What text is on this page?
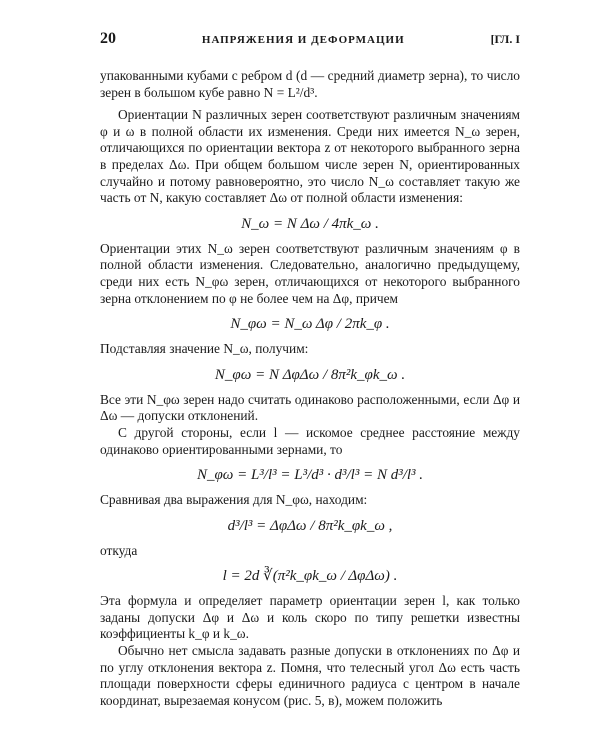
20	НАПРЯЖЕНИЯ И ДЕФОРМАЦИИ	[ГЛ. I

упакованными кубами с ребром d (d — средний диаметр зерна), то число зерен в большом кубе равно N = L²/d³.

Ориентации N различных зерен соответствуют различным значениям φ и ω в полной области их изменения. Среди них имеется N_ω зерен, отличающихся по ориентации вектора z от некоторого выбранного зерна в пределах Δω. При общем большом числе зерен N, ориентированных случайно и потому равновероятно, это число N_ω составляет такую же часть от N, какую составляет Δω от полной области изменения:

N_ω = N Δω / 4πk_ω .

Ориентации этих N_ω зерен соответствуют различным значениям φ в полной области изменения. Следовательно, аналогично предыдущему, среди них есть N_φω зерен, отличающихся от некоторого выбранного зерна отклонением по φ не более чем на Δφ, причем

N_φω = N_ω Δφ / 2πk_φ .

Подставляя значение N_ω, получим:

N_φω = N ΔφΔω / 8π²k_φk_ω .

Все эти N_φω зерен надо считать одинаково расположенными, если Δφ и Δω — допуски отклонений.

С другой стороны, если l — искомое среднее расстояние между одинаково ориентированными зернами, то

N_φω = L³/l³ = L³/d³ · d³/l³ = N d³/l³ .

Сравнивая два выражения для N_φω, находим:

d³/l³ = ΔφΔω / 8π²k_φk_ω ,

откуда

l = 2d ∛(π²k_φk_ω / ΔφΔω) .

Эта формула и определяет параметр ориентации зерен l, как только заданы допуски Δφ и Δω и коль скоро по типу решетки известны коэффициенты k_φ и k_ω.

Обычно нет смысла задавать разные допуски в отклонениях по Δφ и по углу отклонения вектора z. Помня, что телесный угол Δω есть часть площади поверхности сферы единичного радиуса с центром в начале координат, вырезаемая конусом (рис. 5, в), можем положить
